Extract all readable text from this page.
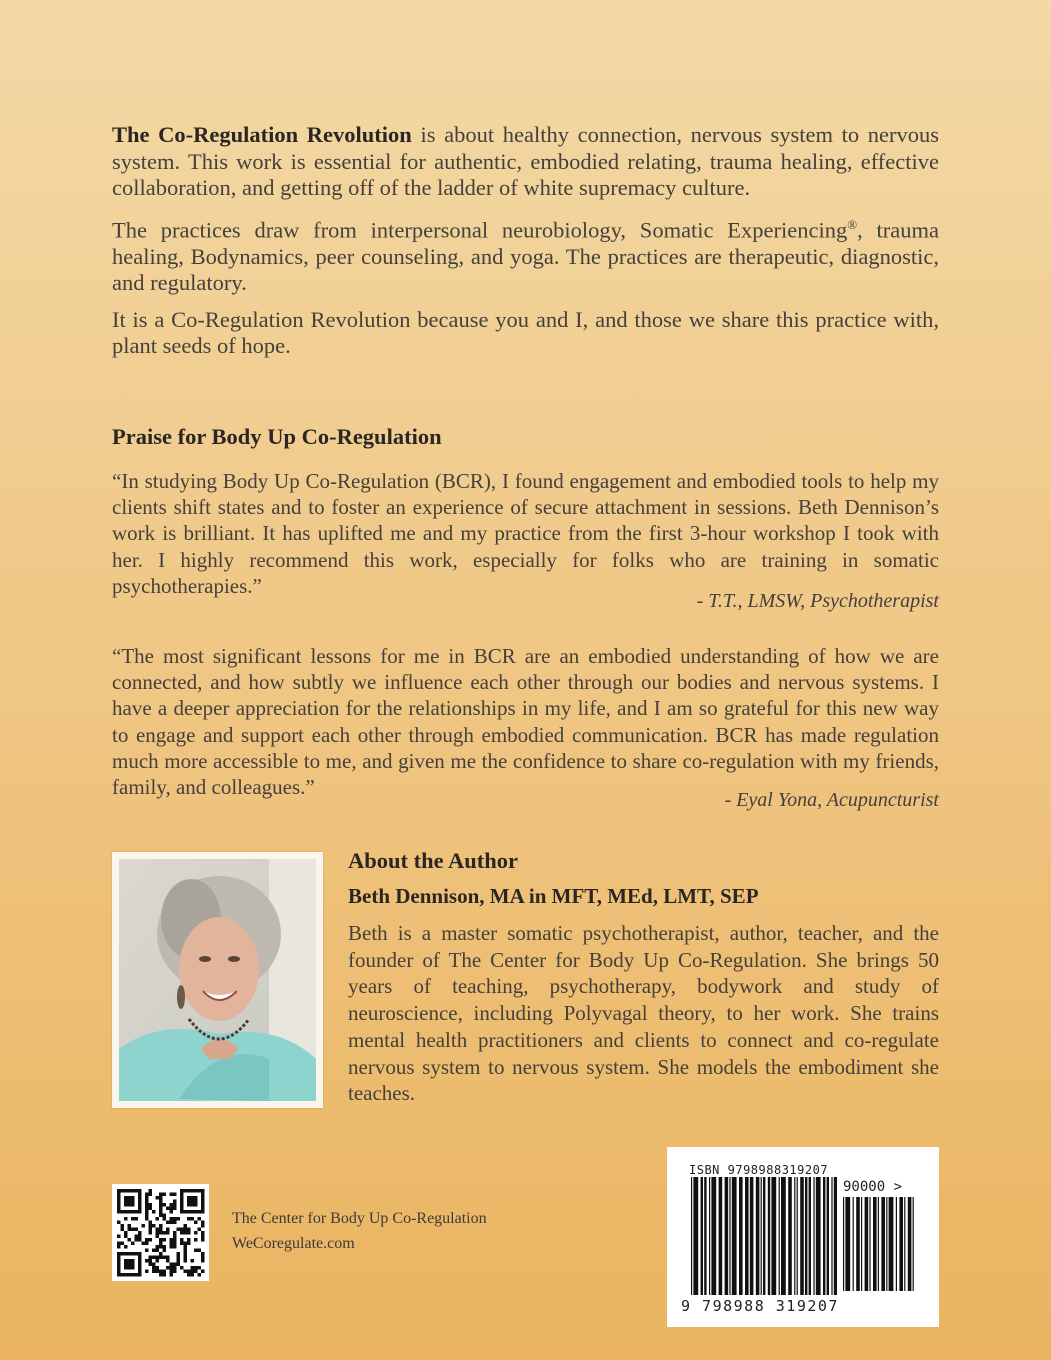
The Co-Regulation Revolution is about healthy connection, nervous system to nervous system. This work is essential for authentic, embodied relating, trauma healing, effective collaboration, and getting off of the ladder of white supremacy culture.

The practices draw from interpersonal neurobiology, Somatic Experiencing®, trauma healing, Bodynamics, peer counseling, and yoga. The practices are therapeutic, diagnostic, and regulatory.

It is a Co-Regulation Revolution because you and I, and those we share this practice with, plant seeds of hope.

Praise for Body Up Co-Regulation

“In studying Body Up Co-Regulation (BCR), I found engagement and embodied tools to help my clients shift states and to foster an experience of secure attachment in sessions. Beth Dennison’s work is brilliant. It has uplifted me and my practice from the first 3-hour workshop I took with her. I highly recommend this work, especially for folks who are training in somatic psychotherapies.”

- T.T., LMSW, Psychotherapist

“The most significant lessons for me in BCR are an embodied understanding of how we are connected, and how subtly we influence each other through our bodies and nervous systems. I have a deeper appreciation for the relationships in my life, and I am so grateful for this new way to engage and support each other through embodied communication. BCR has made regulation much more accessible to me, and given me the confidence to share co-regulation with my friends, family, and colleagues.”

- Eyal Yona, Acupuncturist
About the Author
Beth Dennison, MA in MFT, MEd, LMT, SEP

Beth is a master somatic psychotherapist, author, teacher, and the founder of The Center for Body Up Co-Regulation. She brings 50 years of teaching, psychotherapy, bodywork and study of neuroscience, including Polyvagal theory, to her work. She trains mental health practitioners and clients to connect and co-regulate nervous system to nervous system. She models the embodiment she teaches.

The Center for Body Up Co-Regulation
WeCoregulate.com
ISBN 9798988319207
90000 >
9 798988 319207
